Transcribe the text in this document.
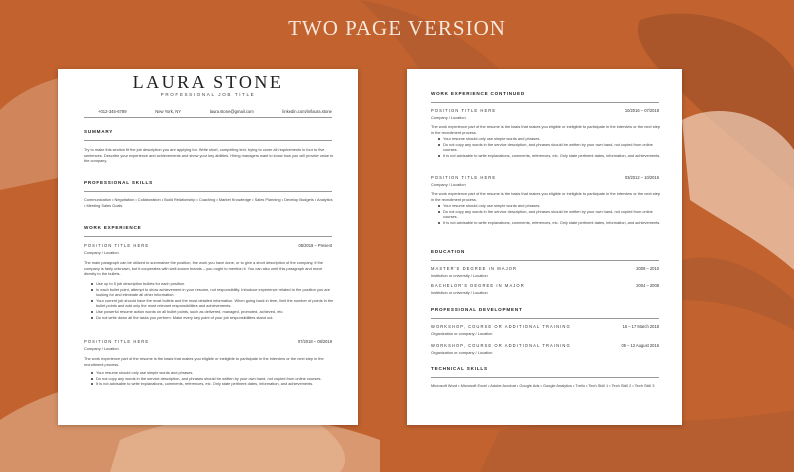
TWO PAGE VERSION
LAURA STONE
PROFESSIONAL JOB TITLE
+012-345-6789	New York, NY	laura.stone@gmail.com	linkedin.com/in/laura.stone
SUMMARY
Try to make this section fit the job description you are applying for. Write short, compelling text, trying to cover all requirements in four to five sentences. Describe your experience and achievements and show your key abilities. Hiring managers want to know how you will provide value to the company.
PROFESSIONAL SKILLS
Communication • Negotiation • Collaboration • Build Relationship • Coaching • Market Knowledge • Sales Planning • Develop Budgets • Analytics • Meeting Sales Goals
WORK EXPERIENCE
POSITION TITLE HERE	08/2019 – Present
Company / Location
The main paragraph can be utilized to summarize the position, the work you have done, or to give a short description of the company, if the company is fairly unknown, but it cooperates with well-known brands – you ought to mention it. You can also omit this paragraph and move directly to the bullets.
Use up to 5 job description bullets for each position.
In each bullet point, attempt to show achievement in your resume, not responsibility. Introduce experience related to the position you are looking for and eliminate all other information.
Your current job should have the most bullets and the most detailed information. When going back in time, limit the number of points in the bullet points and add only the most relevant responsibilities and achievements.
Use powerful resume action words on all bullet points, such as delivered, managed, promoted, achieved, etc.
Do not write down all the tasks you perform. Make every key point of your job responsibilities stand out.
POSITION TITLE HERE	07/2018 – 08/2019
Company / Location
The work experience part of the resume is the basis that makes you eligible or ineligible to participate in the interview or the next step in the recruitment process.
Your resume should only use simple words and phrases.
Do not copy any words in the service description, and phrases should be written by your own hand, not copied from online courses.
It is not advisable to write explanations, comments, references, etc. Only state pertinent dates, information, and achievements.
WORK EXPERIENCE CONTINUED
POSITION TITLE HERE	10/2016 – 07/2018
Company / Location
The work experience part of the resume is the basis that makes you eligible or ineligible to participate in the interview or the next step in the recruitment process.
Your resume should only use simple words and phrases.
Do not copy any words in the service description, and phrases should be written by your own hand, not copied from online courses.
It is not advisable to write explanations, comments, references, etc. Only state pertinent dates, information, and achievements.
POSITION TITLE HERE	03/2012 – 10/2016
Company / Location
The work experience part of the resume is the basis that makes you eligible or ineligible to participate in the interview or the next step in the recruitment process.
Your resume should only use simple words and phrases.
Do not copy any words in the service description, and phrases should be written by your own hand, not copied from online courses.
It is not advisable to write explanations, comments, references, etc. Only state pertinent dates, information, and achievements.
EDUCATION
MASTER'S DEGREE IN MAJOR	2008 – 2010
Institution or university / Location
BACHELOR'S DEGREE IN MAJOR	2004 – 2008
Institution or university / Location
PROFESSIONAL DEVELOPMENT
WORKSHOP, COURSE OR ADDITIONAL TRAINING	15 – 17 March 2018
Organization or company / Location
WORKSHOP, COURSE OR ADDITIONAL TRAINING	05 – 12 August 2016
Organization or company / Location
TECHNICAL SKILLS
Microsoft Word • Microsoft Excel • Adobe Acrobat • Google Ads • Google Analytics • Trello • Tech Skill 1 • Tech Skill 2 • Tech Skill 3
